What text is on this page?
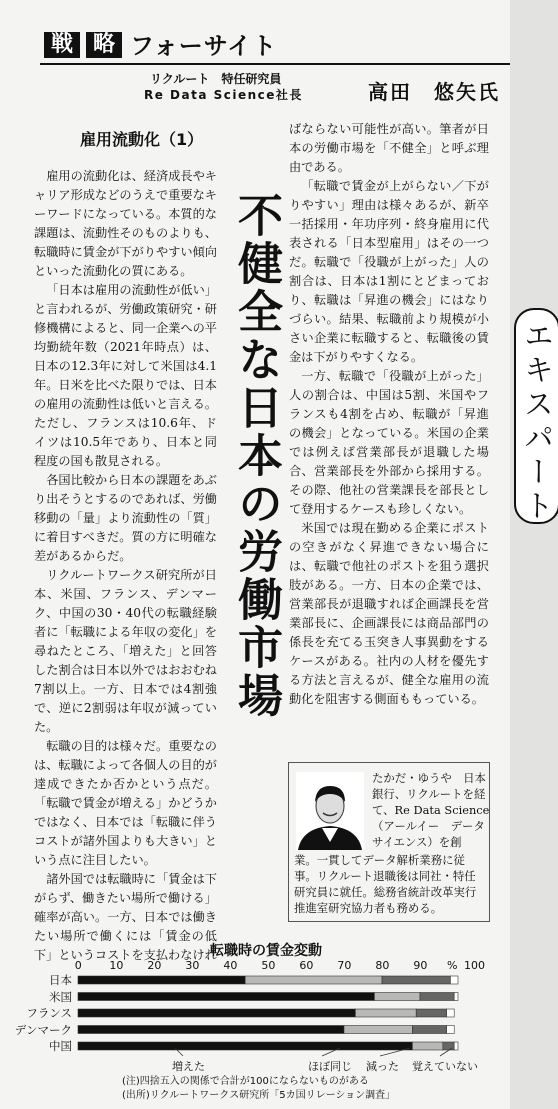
エキスパート
戦 略 フォーサイト
リクルート　特任研究員
Re Data Science社長	高田　悠矢氏
雇用流動化（1）
不健全な日本の労働市場

雇用の流動化は、経済成長やキャリア形成などのうえで重要なキーワードになっている。本質的な課題は、流動性そのものよりも、転職時に賃金が下がりやすい傾向といった流動化の質にある。

「日本は雇用の流動性が低い」と言われるが、労働政策研究・研修機構によると、同一企業への平均勤続年数（2021年時点）は、日本の12.3年に対して米国は4.1年。日米を比べた限りでは、日本の雇用の流動性は低いと言える。ただし、フランスは10.6年、ドイツは10.5年であり、日本と同程度の国も散見される。

各国比較から日本の課題をあぶり出そうとするのであれば、労働移動の「量」より流動性の「質」に着目すべきだ。質の方に明確な差があるからだ。

リクルートワークス研究所が日本、米国、フランス、デンマーク、中国の30・40代の転職経験者に「転職による年収の変化」を尋ねたところ、「増えた」と回答した割合は日本以外ではおおむね7割以上。一方、日本では4割強で、逆に2割弱は年収が減っていた。

転職の目的は様々だ。重要なのは、転職によって各個人の目的が達成できたか否かという点だ。「転職で賃金が増える」かどうかではなく、日本では「転職に伴うコストが諸外国よりも大きい」という点に注目したい。

諸外国では転職時に「賃金は下がらず、働きたい場所で働ける」確率が高い。一方、日本では働きたい場所で働くには「賃金の低下」というコストを支払わなけれ

ばならない可能性が高い。筆者が日本の労働市場を「不健全」と呼ぶ理由である。

「転職で賃金が上がらない／下がりやすい」理由は様々あるが、新卒一括採用・年功序列・終身雇用に代表される「日本型雇用」はその一つだ。転職で「役職が上がった」人の割合は、日本は1割にとどまっており、転職は「昇進の機会」にはなりづらい。結果、転職前より規模が小さい企業に転職すると、転職後の賃金は下がりやすくなる。

一方、転職で「役職が上がった」人の割合は、中国は5割、米国やフランスも4割を占め、転職が「昇進の機会」となっている。米国の企業では例えば営業部長が退職した場合、営業部長を外部から採用する。その際、他社の営業課長を部長として登用するケースも珍しくない。

米国では現在勤める企業にポストの空きがなく昇進できない場合には、転職で他社のポストを狙う選択肢がある。一方、日本の企業では、営業部長が退職すれば企画課長を営業部長に、企画課長には商品部門の係長を充てる玉突き人事異動をするケースがある。社内の人材を優先する方法と言えるが、健全な雇用の流動化を阻害する側面ももっている。

たかだ・ゆうや　日本銀行、リクルートを経て、Re Data Science（アールイー　データサイエンス）を創
業。一貫してデータ解析業務に従事。リクルート退職後は同社・特任研究員に就任。総務省統計改革実行推進室研究協力者も務める。
転職時の賃金変動
0	10 20 30 40 50 60 70 80 90	100
%
日本
米国
フランス
デンマーク
中国
増えた	ほぼ同じ 減った 覚えていない
(注)四捨五入の関係で合計が100にならないものがある
(出所)リクルートワークス研究所「5カ国リレーション調査」
